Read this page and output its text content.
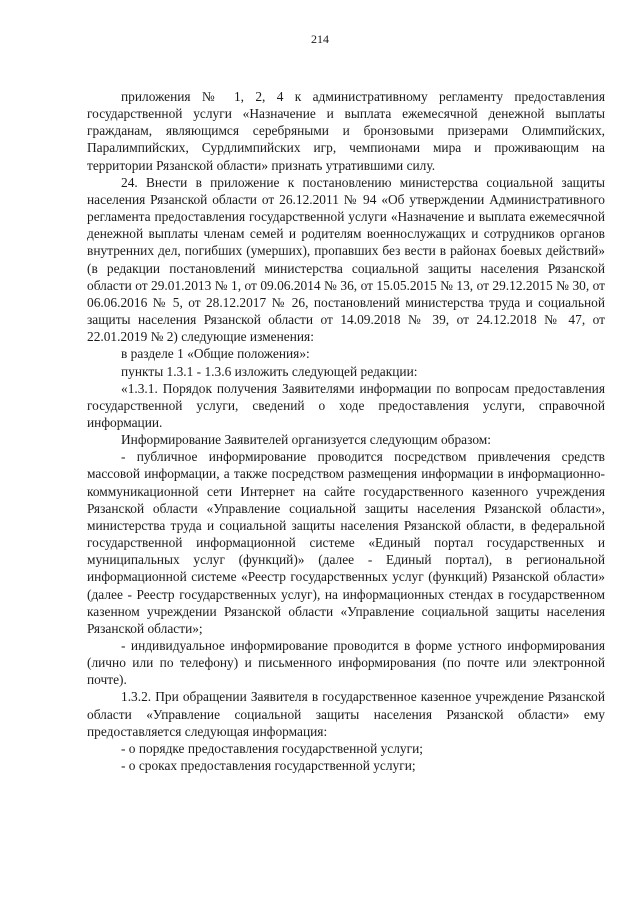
214

приложения № 1, 2, 4 к административному регламенту предоставления государственной услуги «Назначение и выплата ежемесячной денежной выплаты гражданам, являющимся серебряными и бронзовыми призерами Олимпийских, Паралимпийских, Сурдлимпийских игр, чемпионами мира и проживающим на территории Рязанской области» признать утратившими силу.

24. Внести в приложение к постановлению министерства социальной защиты населения Рязанской области от 26.12.2011 № 94 «Об утверждении Административного регламента предоставления государственной услуги «Назначение и выплата ежемесячной денежной выплаты членам семей и родителям военнослужащих и сотрудников органов внутренних дел, погибших (умерших), пропавших без вести в районах боевых действий» (в редакции постановлений министерства социальной защиты населения Рязанской области от 29.01.2013 № 1, от 09.06.2014 № 36, от 15.05.2015 № 13, от 29.12.2015 № 30, от 06.06.2016 № 5, от 28.12.2017 № 26, постановлений министерства труда и социальной защиты населения Рязанской области от 14.09.2018 № 39, от 24.12.2018 № 47, от 22.01.2019 № 2) следующие изменения:

в разделе 1 «Общие положения»:

пункты 1.3.1 - 1.3.6 изложить следующей редакции:

«1.3.1. Порядок получения Заявителями информации по вопросам предоставления государственной услуги, сведений о ходе предоставления услуги, справочной информации.

Информирование Заявителей организуется следующим образом:

- публичное информирование проводится посредством привлечения средств массовой информации, а также посредством размещения информации в информационно-коммуникационной сети Интернет на сайте государственного казенного учреждения Рязанской области «Управление социальной защиты населения Рязанской области», министерства труда и социальной защиты населения Рязанской области, в федеральной государственной информационной системе «Единый портал государственных и муниципальных услуг (функций)» (далее - Единый портал), в региональной информационной системе «Реестр государственных услуг (функций) Рязанской области» (далее - Реестр государственных услуг), на информационных стендах в государственном казенном учреждении Рязанской области «Управление социальной защиты населения Рязанской области»;

- индивидуальное информирование проводится в форме устного информирования (лично или по телефону) и письменного информирования (по почте или электронной почте).

1.3.2. При обращении Заявителя в государственное казенное учреждение Рязанской области «Управление социальной защиты населения Рязанской области» ему предоставляется следующая информация:

- о порядке предоставления государственной услуги;

- о сроках предоставления государственной услуги;
